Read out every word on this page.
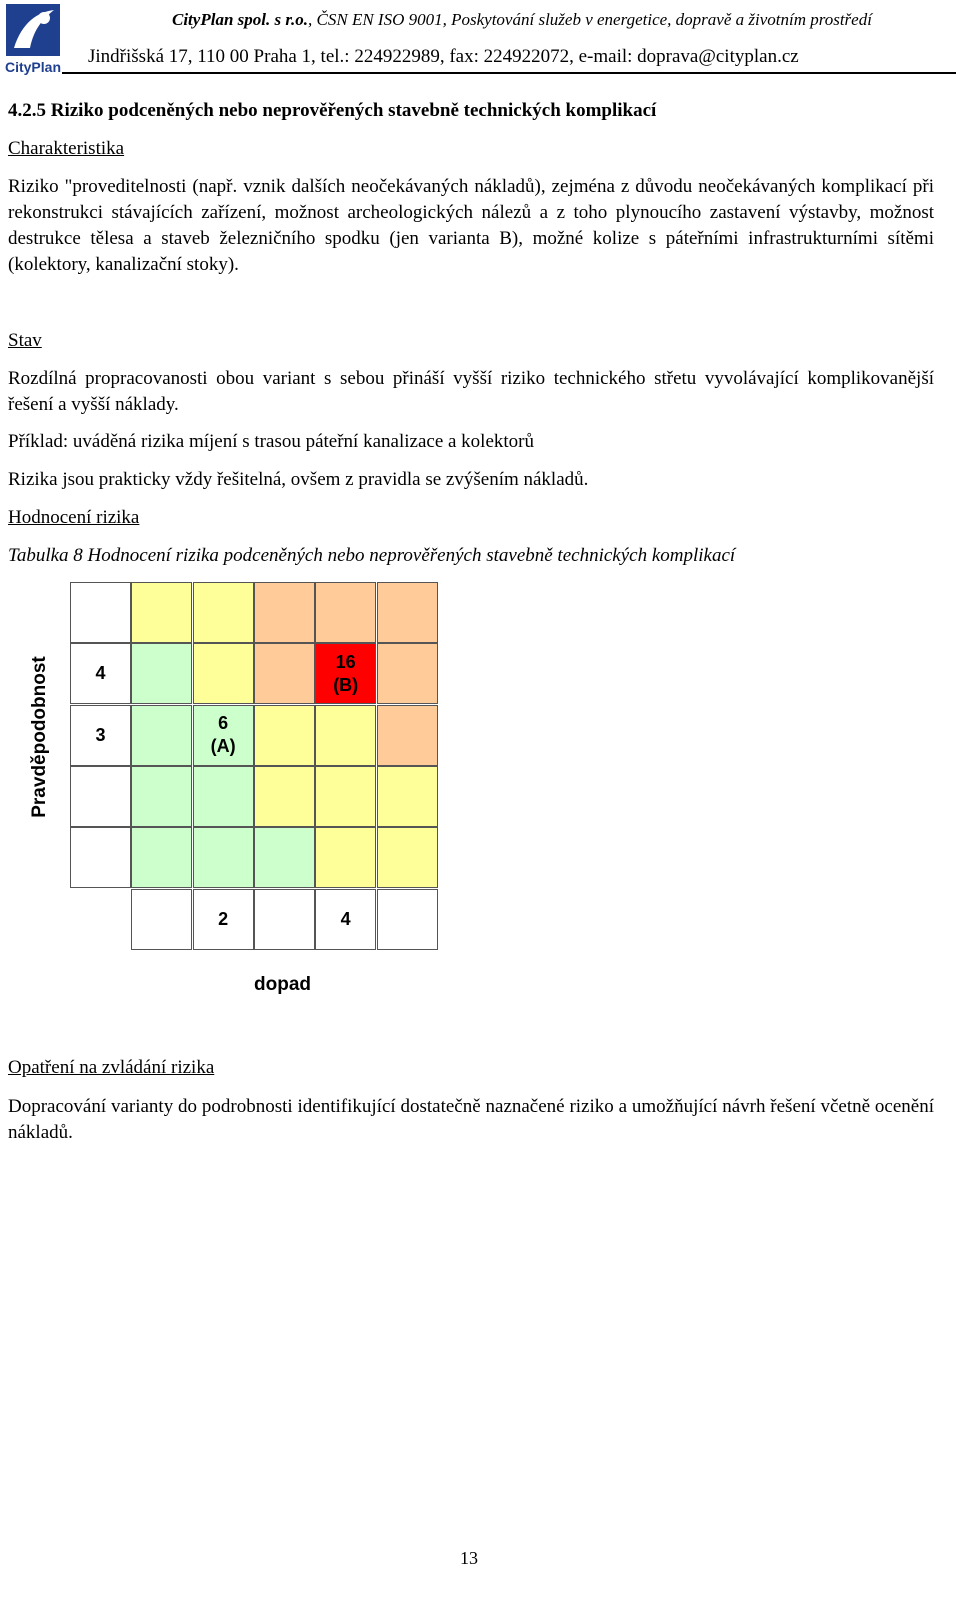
CityPlan
CityPlan spol. s r.o., ČSN EN ISO 9001, Poskytování služeb v energetice, dopravě a životním prostředí
Jindřišská 17, 110 00 Praha 1, tel.: 224922989, fax: 224922072, e-mail: doprava@cityplan.cz
4.2.5 Riziko podceněných nebo neprověřených stavebně technických komplikací
Charakteristika

Riziko "proveditelnosti (např. vznik dalších neočekávaných nákladů), zejména z důvodu neočekávaných komplikací při rekonstrukci stávajících zařízení, možnost archeologických nálezů a z toho plynoucího zastavení výstavby, možnost destrukce tělesa a staveb železničního spodku (jen varianta B), možné kolize s páteřními infrastrukturními sítěmi (kolektory, kanalizační stoky).

Stav

Rozdílná propracovanosti obou variant s sebou přináší vyšší riziko technického střetu vyvolávající komplikovanější řešení a vyšší náklady.

Příklad: uváděná rizika míjení s trasou páteřní kanalizace a kolektorů
Rizika jsou prakticky vždy řešitelná, ovšem z pravidla se zvýšením nákladů.
Hodnocení rizika
Tabulka 8 Hodnocení rizika podceněných nebo neprověřených stavebně technických komplikací
Pravděpodobnost	4
16
(B)
3
6
(A)
2	4
dopad
Opatření na zvládání rizika

Dopracování varianty do podrobnosti identifikující dostatečně naznačené riziko a umožňující návrh řešení včetně ocenění nákladů.

13
